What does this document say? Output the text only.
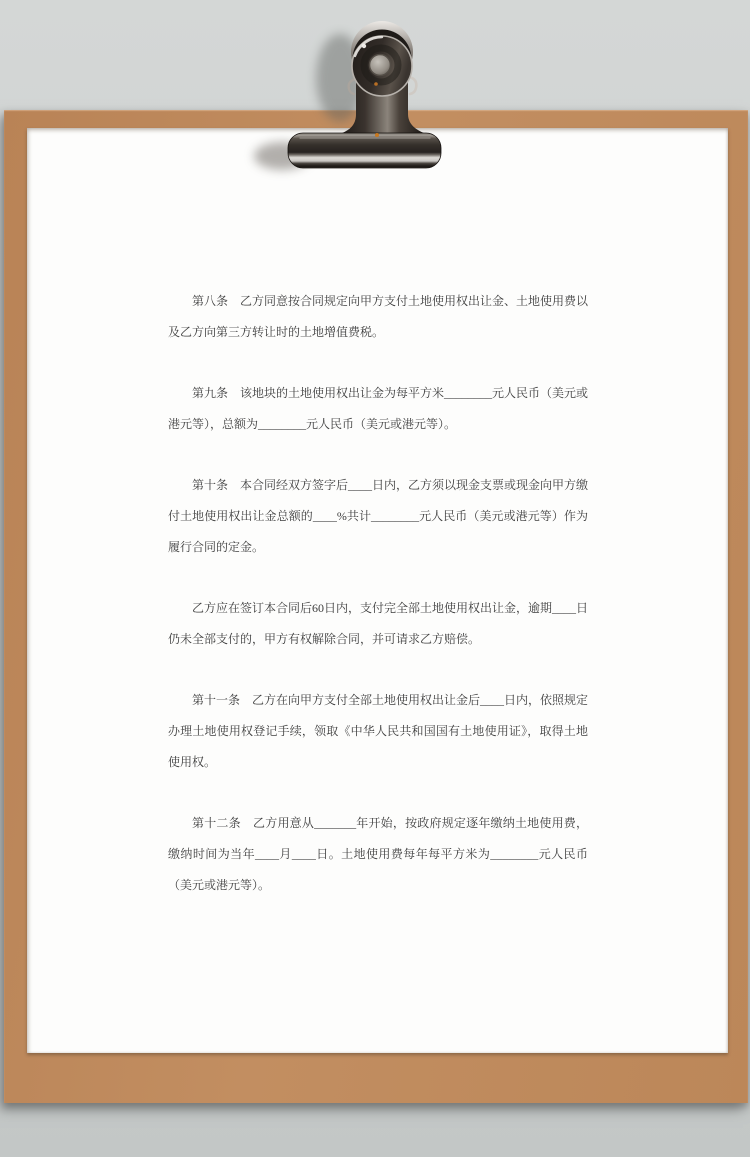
第八条　乙方同意按合同规定向甲方支付土地使用权出让金、土地使用费以及乙方向第三方转让时的土地增值费税。

第九条　该地块的土地使用权出让金为每平方米________元人民币（美元或港元等），总额为________元人民币（美元或港元等）。

第十条　本合同经双方签字后____日内，乙方须以现金支票或现金向甲方缴付土地使用权出让金总额的____%共计________元人民币（美元或港元等）作为履行合同的定金。

乙方应在签订本合同后60日内，支付完全部土地使用权出让金，逾期____日仍未全部支付的，甲方有权解除合同，并可请求乙方赔偿。

第十一条　乙方在向甲方支付全部土地使用权出让金后____日内，依照规定办理土地使用权登记手续，领取《中华人民共和国国有土地使用证》，取得土地使用权。

第十二条　乙方用意从_______年开始，按政府规定逐年缴纳土地使用费，缴纳时间为当年____月____日。土地使用费每年每平方米为________元人民币（美元或港元等）。
